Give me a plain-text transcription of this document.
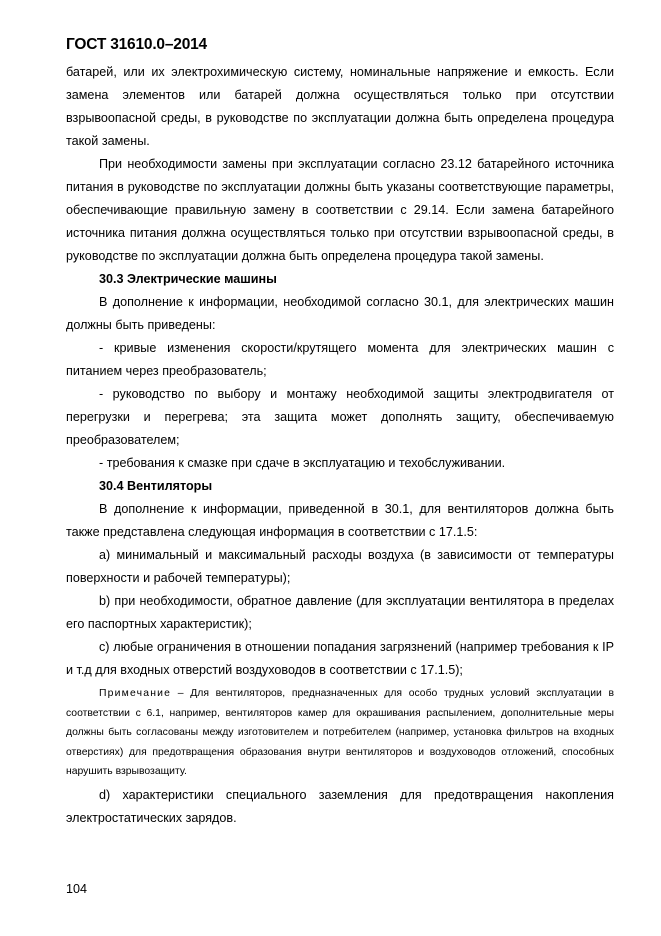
ГОСТ 31610.0–2014

батарей, или их электрохимическую систему, номинальные напряжение и емкость. Если замена элементов или батарей должна осуществляться только при отсутствии взрывоопасной среды, в руководстве по эксплуатации должна быть определена процедура такой замены.

При необходимости замены при эксплуатации согласно 23.12 батарейного источника питания в руководстве по эксплуатации должны быть указаны соответствующие параметры, обеспечивающие правильную замену в соответствии с 29.14. Если замена батарейного источника питания должна осуществляться только при отсутствии взрывоопасной среды, в руководстве по эксплуатации должна быть определена процедура такой замены.

30.3 Электрические машины

В дополнение к информации, необходимой согласно 30.1, для электрических машин должны быть приведены:

- кривые изменения скорости/крутящего момента для электрических машин с питанием через преобразователь;

- руководство по выбору и монтажу необходимой защиты электродвигателя от перегрузки и перегрева; эта защита может дополнять защиту, обеспечиваемую преобразователем;

- требования к смазке при сдаче в эксплуатацию и техобслуживании.

30.4 Вентиляторы

В дополнение к информации, приведенной в 30.1, для вентиляторов должна быть также представлена следующая информация в соответствии с 17.1.5:

a) минимальный и максимальный расходы воздуха (в зависимости от температуры поверхности и рабочей температуры);

b) при необходимости, обратное давление (для эксплуатации вентилятора в пределах его паспортных характеристик);

c) любые ограничения в отношении попадания загрязнений (например требования к IP и т.д для входных отверстий воздуховодов в соответствии с 17.1.5);

Примечание – Для вентиляторов, предназначенных для особо трудных условий эксплуатации в соответствии с 6.1, например, вентиляторов камер для окрашивания распылением, дополнительные меры должны быть согласованы между изготовителем и потребителем (например, установка фильтров на входных отверстиях) для предотвращения образования внутри вентиляторов и воздуховодов отложений, способных нарушить взрывозащиту.

d) характеристики специального заземления для предотвращения накопления электростатических зарядов.

104
